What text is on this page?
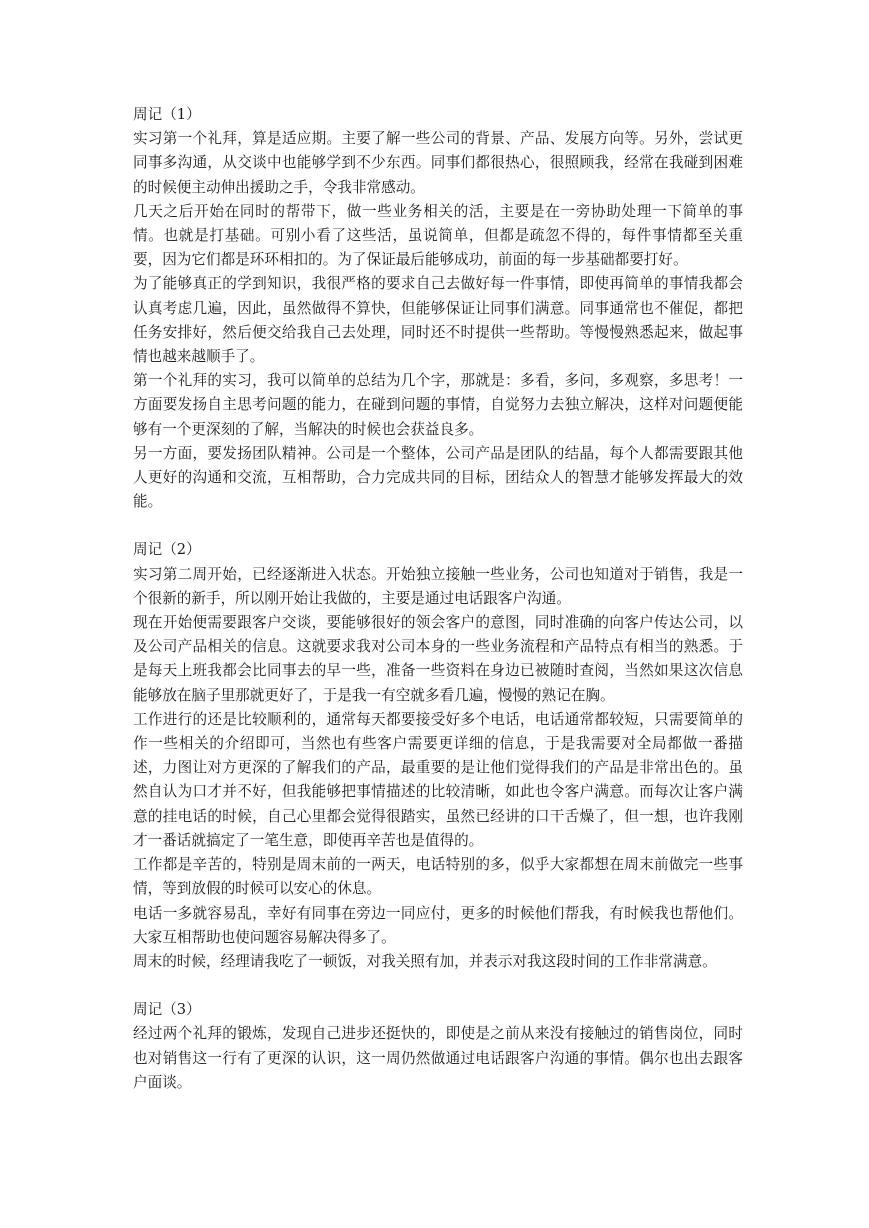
周记（1）

实习第一个礼拜，算是适应期。主要了解一些公司的背景、产品、发展方向等。另外，尝试更同事多沟通，从交谈中也能够学到不少东西。同事们都很热心，很照顾我，经常在我碰到困难的时候便主动伸出援助之手，令我非常感动。

几天之后开始在同时的帮带下，做一些业务相关的活，主要是在一旁协助处理一下简单的事情。也就是打基础。可别小看了这些活，虽说简单，但都是疏忽不得的，每件事情都至关重要，因为它们都是环环相扣的。为了保证最后能够成功，前面的每一步基础都要打好。

为了能够真正的学到知识，我很严格的要求自己去做好每一件事情，即使再简单的事情我都会认真考虑几遍，因此，虽然做得不算快，但能够保证让同事们满意。同事通常也不催促，都把任务安排好，然后便交给我自己去处理，同时还不时提供一些帮助。等慢慢熟悉起来，做起事情也越来越顺手了。

第一个礼拜的实习，我可以简单的总结为几个字，那就是：多看，多问，多观察，多思考！一方面要发扬自主思考问题的能力，在碰到问题的事情，自觉努力去独立解决，这样对问题便能够有一个更深刻的了解，当解决的时候也会获益良多。

另一方面，要发扬团队精神。公司是一个整体，公司产品是团队的结晶，每个人都需要跟其他人更好的沟通和交流，互相帮助，合力完成共同的目标，团结众人的智慧才能够发挥最大的效能。

周记（2）

实习第二周开始，已经逐渐进入状态。开始独立接触一些业务，公司也知道对于销售，我是一个很新的新手，所以刚开始让我做的，主要是通过电话跟客户沟通。

现在开始便需要跟客户交谈，要能够很好的领会客户的意图，同时准确的向客户传达公司，以及公司产品相关的信息。这就要求我对公司本身的一些业务流程和产品特点有相当的熟悉。于是每天上班我都会比同事去的早一些，准备一些资料在身边已被随时查阅，当然如果这次信息能够放在脑子里那就更好了，于是我一有空就多看几遍，慢慢的熟记在胸。

工作进行的还是比较顺利的，通常每天都要接受好多个电话，电话通常都较短，只需要简单的作一些相关的介绍即可，当然也有些客户需要更详细的信息，于是我需要对全局都做一番描述，力图让对方更深的了解我们的产品，最重要的是让他们觉得我们的产品是非常出色的。虽然自认为口才并不好，但我能够把事情描述的比较清晰，如此也令客户满意。而每次让客户满意的挂电话的时候，自己心里都会觉得很踏实，虽然已经讲的口干舌燥了，但一想，也许我刚才一番话就搞定了一笔生意，即使再辛苦也是值得的。

工作都是辛苦的，特别是周末前的一两天，电话特别的多，似乎大家都想在周末前做完一些事情，等到放假的时候可以安心的休息。

电话一多就容易乱，幸好有同事在旁边一同应付，更多的时候他们帮我，有时候我也帮他们。大家互相帮助也使问题容易解决得多了。

周末的时候，经理请我吃了一顿饭，对我关照有加，并表示对我这段时间的工作非常满意。

周记（3）

经过两个礼拜的锻炼，发现自己进步还挺快的，即使是之前从来没有接触过的销售岗位，同时也对销售这一行有了更深的认识，这一周仍然做通过电话跟客户沟通的事情。偶尔也出去跟客户面谈。
